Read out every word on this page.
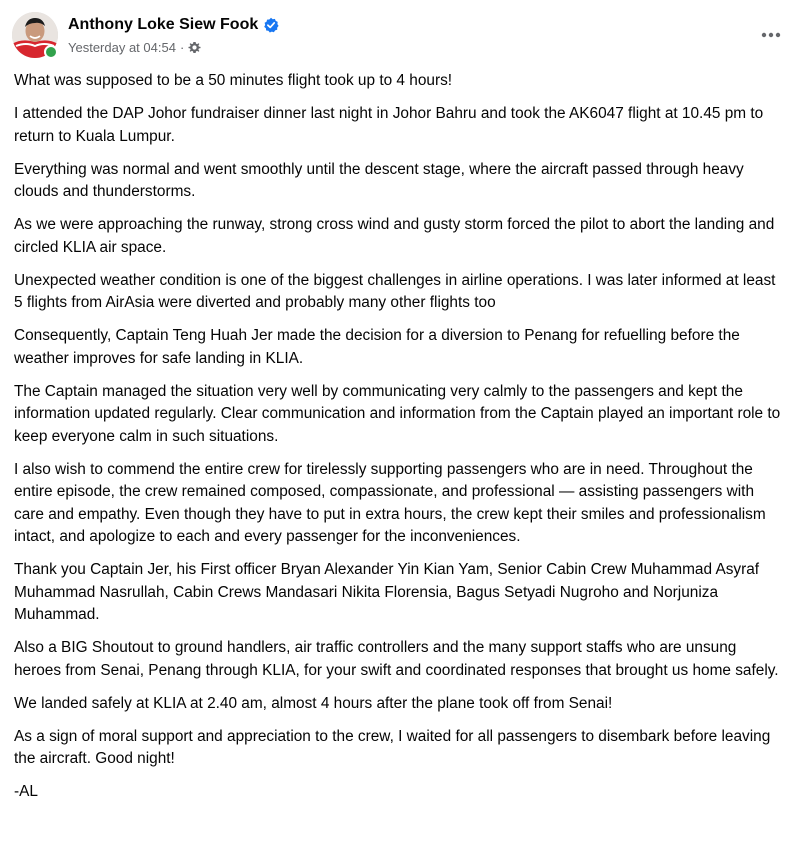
Anthony Loke Siew Fook
Yesterday at 04:54 ·

What was supposed to be a 50 minutes flight took up to 4 hours!

I attended the DAP Johor fundraiser dinner last night in Johor Bahru and took the AK6047 flight at 10.45 pm to return to Kuala Lumpur.

Everything was normal and went smoothly until the descent stage, where the aircraft passed through heavy clouds and thunderstorms.

As we were approaching the runway, strong cross wind and gusty storm forced the pilot to abort the landing and circled KLIA air space.

Unexpected weather condition is one of the biggest challenges in airline operations. I was later informed at least 5 flights from AirAsia were diverted and probably many other flights too

Consequently, Captain Teng Huah Jer made the decision for a diversion to Penang for refuelling before the weather improves for safe landing in KLIA.

The Captain managed the situation very well by communicating very calmly to the passengers and kept the information updated regularly. Clear communication and information from the Captain played an important role to keep everyone calm in such situations.

I also wish to commend the entire crew for tirelessly supporting passengers who are in need. Throughout the entire episode, the crew remained composed, compassionate, and professional — assisting passengers with care and empathy. Even though they have to put in extra hours, the crew kept their smiles and professionalism intact, and apologize to each and every passenger for the inconveniences.

Thank you Captain Jer, his First officer Bryan Alexander Yin Kian Yam, Senior Cabin Crew Muhammad Asyraf Muhammad Nasrullah, Cabin Crews Mandasari Nikita Florensia, Bagus Setyadi Nugroho and Norjuniza Muhammad.

Also a BIG Shoutout to ground handlers, air traffic controllers and the many support staffs who are unsung heroes from Senai, Penang through KLIA, for your swift and coordinated responses that brought us home safely.

We landed safely at KLIA at 2.40 am, almost 4 hours after the plane took off from Senai!

As a sign of moral support and appreciation to the crew, I waited for all passengers to disembark before leaving the aircraft. Good night!

-AL
